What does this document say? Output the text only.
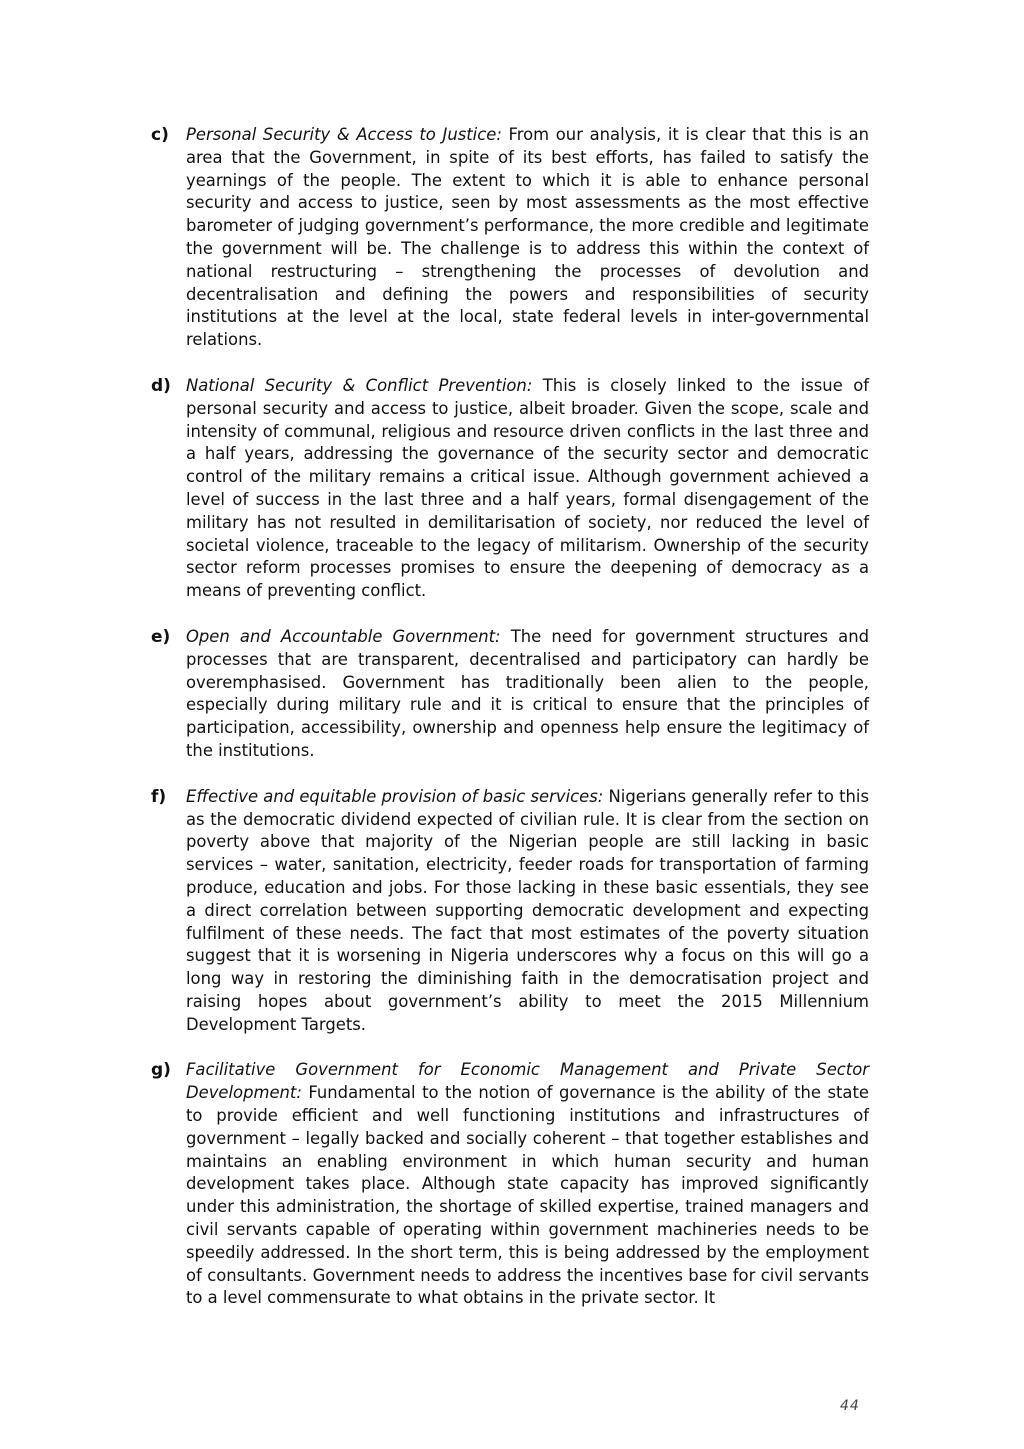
c) Personal Security & Access to Justice: From our analysis, it is clear that this is an area that the Government, in spite of its best efforts, has failed to satisfy the yearnings of the people. The extent to which it is able to enhance personal security and access to justice, seen by most assessments as the most effective barometer of judging government’s performance, the more credible and legitimate the government will be. The challenge is to address this within the context of national restructuring – strengthening the processes of devolution and decentralisation and defining the powers and responsibilities of security institutions at the level at the local, state federal levels in inter-governmental relations.

d) National Security & Conflict Prevention: This is closely linked to the issue of personal security and access to justice, albeit broader. Given the scope, scale and intensity of communal, religious and resource driven conflicts in the last three and a half years, addressing the governance of the security sector and democratic control of the military remains a critical issue. Although government achieved a level of success in the last three and a half years, formal disengagement of the military has not resulted in demilitarisation of society, nor reduced the level of societal violence, traceable to the legacy of militarism. Ownership of the security sector reform processes promises to ensure the deepening of democracy as a means of preventing conflict.

e) Open and Accountable Government: The need for government structures and processes that are transparent, decentralised and participatory can hardly be overemphasised. Government has traditionally been alien to the people, especially during military rule and it is critical to ensure that the principles of participation, accessibility, ownership and openness help ensure the legitimacy of the institutions.

f) Effective and equitable provision of basic services: Nigerians generally refer to this as the democratic dividend expected of civilian rule. It is clear from the section on poverty above that majority of the Nigerian people are still lacking in basic services – water, sanitation, electricity, feeder roads for transportation of farming produce, education and jobs. For those lacking in these basic essentials, they see a direct correlation between supporting democratic development and expecting fulfilment of these needs. The fact that most estimates of the poverty situation suggest that it is worsening in Nigeria underscores why a focus on this will go a long way in restoring the diminishing faith in the democratisation project and raising hopes about government’s ability to meet the 2015 Millennium Development Targets.

g) Facilitative Government for Economic Management and Private Sector Development: Fundamental to the notion of governance is the ability of the state to provide efficient and well functioning institutions and infrastructures of government – legally backed and socially coherent – that together establishes and maintains an enabling environment in which human security and human development takes place. Although state capacity has improved significantly under this administration, the shortage of skilled expertise, trained managers and civil servants capable of operating within government machineries needs to be speedily addressed. In the short term, this is being addressed by the employment of consultants. Government needs to address the incentives base for civil servants to a level commensurate to what obtains in the private sector. It

44
